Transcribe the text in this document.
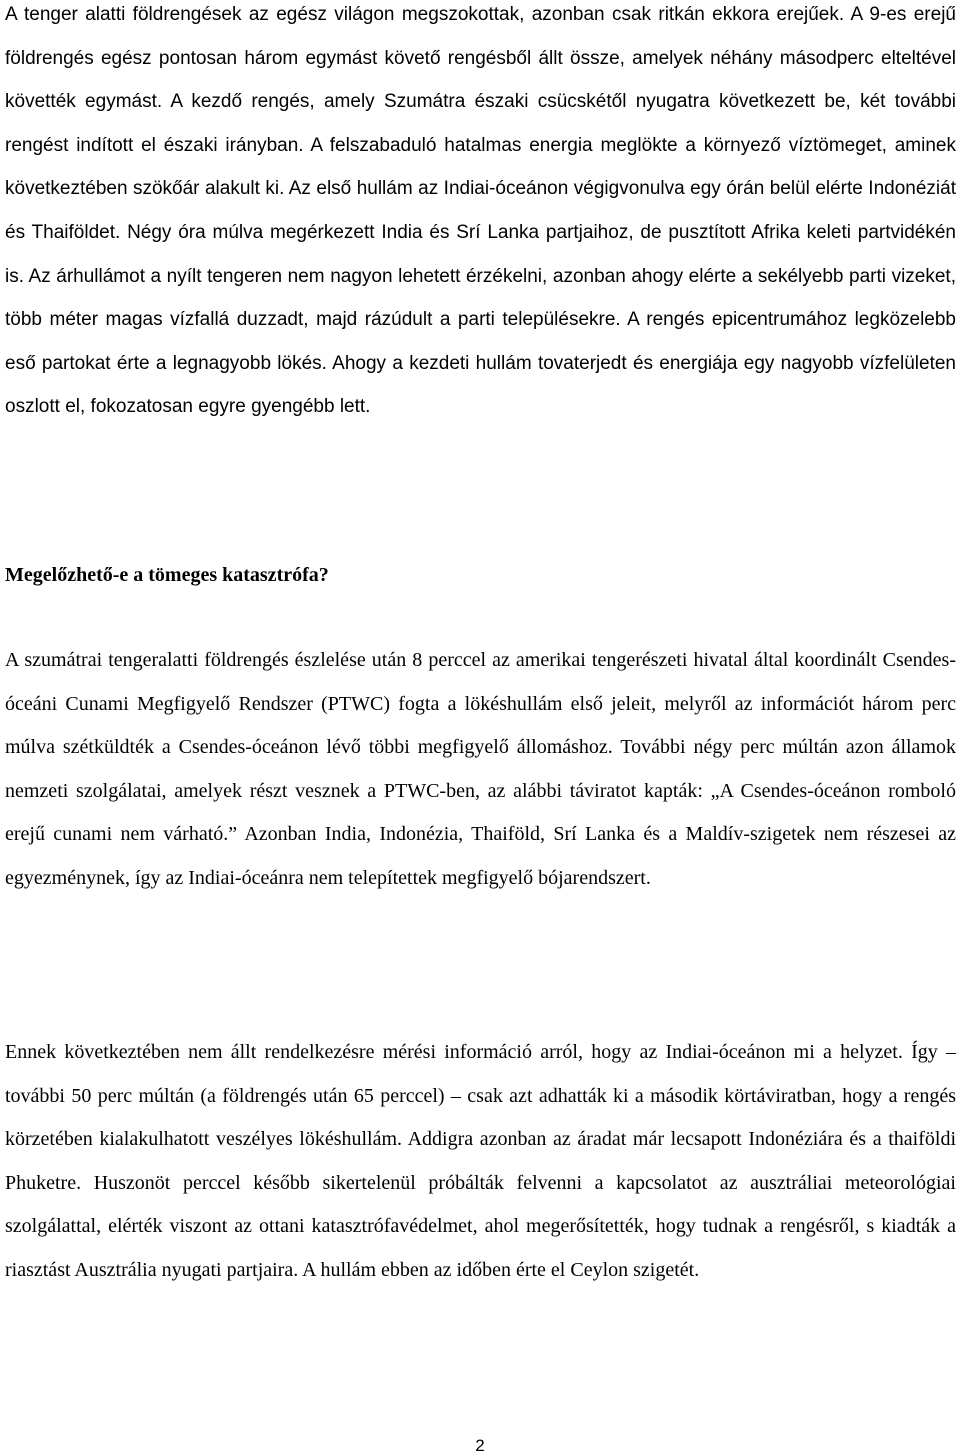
A tenger alatti földrengések az egész világon megszokottak, azonban csak ritkán ekkora erejűek. A 9-es erejű földrengés egész pontosan három egymást követő rengésből állt össze, amelyek néhány másodperc elteltével követték egymást. A kezdő rengés, amely Szumátra északi csücskétől nyugatra következett be, két további rengést indított el északi irányban. A felszabaduló hatalmas energia meglökte a környező víztömeget, aminek következtében szökőár alakult ki. Az első hullám az Indiai-óceánon végigvonulva egy órán belül elérte Indonéziát és Thaiföldet. Négy óra múlva megérkezett India és Srí Lanka partjaihoz, de pusztított Afrika keleti partvidékén is. Az árhullámot a nyílt tengeren nem nagyon lehetett érzékelni, azonban ahogy elérte a sekélyebb parti vizeket, több méter magas vízfallá duzzadt, majd rázúdult a parti településekre. A rengés epicentrumához legközelebb eső partokat érte a legnagyobb lökés. Ahogy a kezdeti hullám tovaterjedt és energiája egy nagyobb vízfelületen oszlott el, fokozatosan egyre gyengébb lett.

Megelőzhető-e a tömeges katasztrófa?

A szumátrai tengeralatti földrengés észlelése után 8 perccel az amerikai tengerészeti hivatal által koordinált Csendes-óceáni Cunami Megfigyelő Rendszer (PTWC) fogta a lökéshullám első jeleit, melyről az információt három perc múlva szétküldték a Csendes-óceánon lévő többi megfigyelő állomáshoz. További négy perc múltán azon államok nemzeti szolgálatai, amelyek részt vesznek a PTWC-ben, az alábbi táviratot kapták: „A Csendes-óceánon romboló erejű cunami nem várható.” Azonban India, Indonézia, Thaiföld, Srí Lanka és a Maldív-szigetek nem részesei az egyezménynek, így az Indiai-óceánra nem telepítettek megfigyelő bójarendszert.

Ennek következtében nem állt rendelkezésre mérési információ arról, hogy az Indiai-óceánon mi a helyzet. Így – további 50 perc múltán (a földrengés után 65 perccel) – csak azt adhatták ki a második körtáviratban, hogy a rengés körzetében kialakulhatott veszélyes lökéshullám. Addigra azonban az áradat már lecsapott Indonéziára és a thaiföldi Phuketre. Huszonöt perccel később sikertelenül próbálták felvenni a kapcsolatot az ausztráliai meteorológiai szolgálattal, elérték viszont az ottani katasztrófavédelmet, ahol megerősítették, hogy tudnak a rengésről, s kiadták a riasztást Ausztrália nyugati partjaira. A hullám ebben az időben érte el Ceylon szigetét.

2
